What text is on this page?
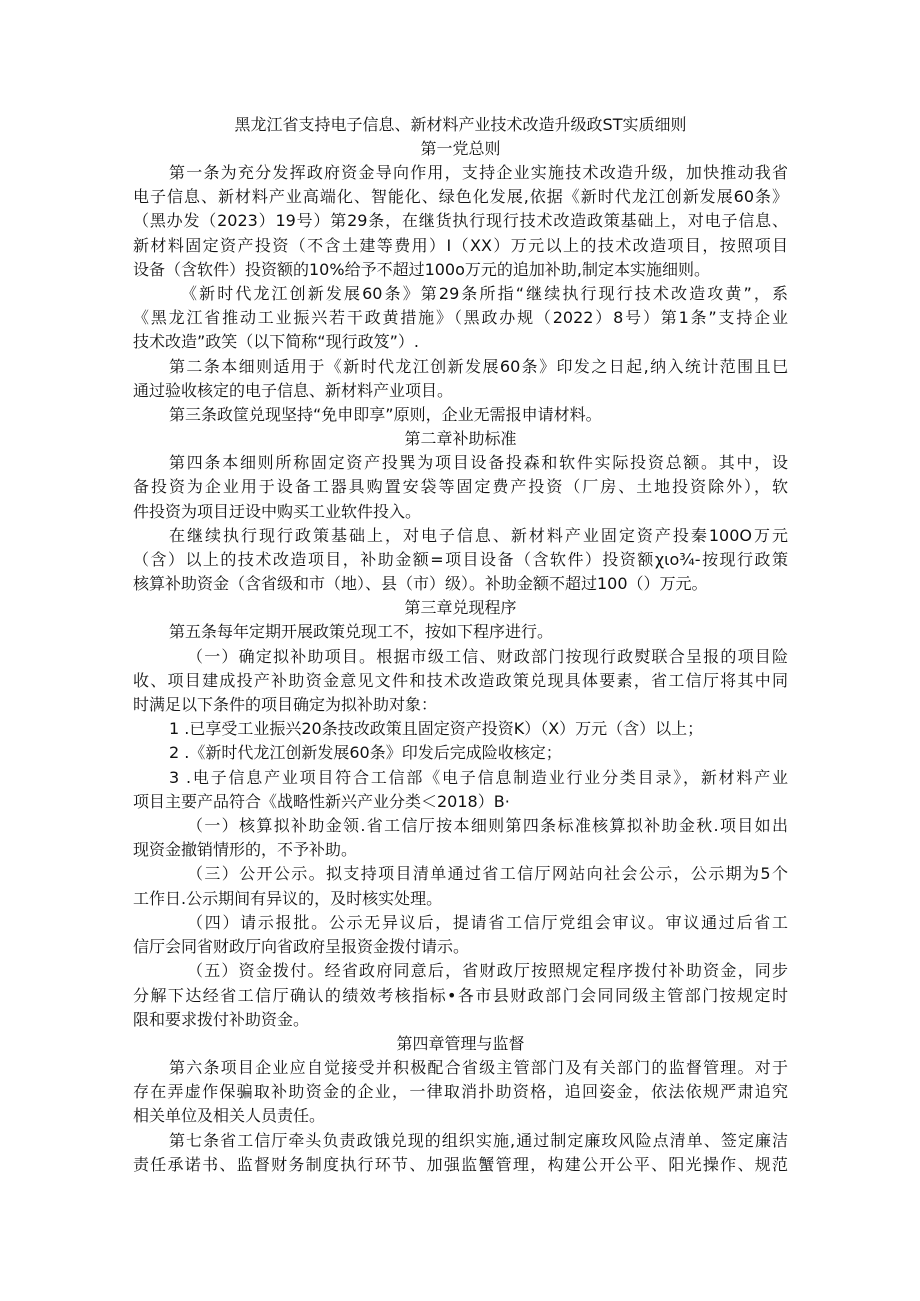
黑龙江省支持电子信息、新材料产业技术改造升级政ST实质细则
第一党总则

第一条为充分发挥政府资金导向作用，支持企业实施技术改造升级，加快推动我省
电子信息、新材料产业高端化、智能化、绿色化发展,依据《新时代龙江创新发展60条》
（黑办发（2023）19号）第29条，在继货执行现行技术改造政策基础上，对电子信息、
新材料固定资产投资（不含土建等费用）I（XX）万元以上的技术改造项目，按照项目
设备（含软件）投资额的10%给予不超过100o万元的追加补助,制定本实施细则。

《新时代龙江创新发展60条》第29条所指“继续执行现行技术改造攻黄”，系
《黑龙江省推动工业振兴若干政黄措施》（黑政办规（2022）8号）第1条”支持企业
技术改造”政笑（以下简称“现行政笈”）.

第二条本细则适用于《新时代龙江创新发展60条》印发之日起,纳入统计范围且巳
通过验收核定的电子信息、新材料产业项目。

第三条政筐兑现坚持“免申即享”原则，企业无需报申请材料。

第二章补助标准

第四条本细则所称固定资产投巽为项目设备投森和软件实际投资总额。其中，设
备投资为企业用于设备工器具购置安袋等固定费产投资（厂房、土地投资除外），软
件投资为项目迂设中购买工业软件投入。

在继续执行现行政策基础上，对电子信息、新材料产业固定资产投秦100O万元
（含）以上的技术改造项目，补助金额=项目设备（含软件）投资额χιo¾-按现行政策
核算补助资金（含省级和市（地）、县（市）级）。补助金额不超过100（）万元。

第三章兑现程序

第五条每年定期开展政策兑现工不，按如下程序进行。

（一）确定拟补助项目。根据市级工信、财政部门按现行政熨联合呈报的项目险
收、项目建成投产补助资金意见文件和技术改造政策兑现具体要素，省工信厅将其中同
时满足以下条件的项目确定为拟补助对象：

1 .已享受工业振兴20条技改政策且固定资产投资K）（X）万元（含）以上；

2 .《新时代龙江创新发展60条》印发后完成险收核定；

3 .电子信息产业项目符合工信部《电子信息制造业行业分类目录》，新材料产业
项目主要产品符合《战略性新兴产业分类＜2018）B·

（一）核算拟补助金领.省工信厅按本细则第四条标准核算拟补助金秋.项目如出
现资金撤销情形的，不予补助。

（三）公开公示。拟支持项目清单通过省工信厅网站向社会公示，公示期为5个
工作日.公示期间有异议的，及时核实处理。

（四）请示报批。公示无异议后，提请省工信厅党组会审议。审议通过后省工
信厅会同省财政厅向省政府呈报资金拨付请示。

（五）资金拨付。经省政府同意后，省财政厅按照规定程序拨付补助资金，同步
分解下达经省工信厅确认的绩效考核指标•各市县财政部门会同同级主管部门按规定时
限和要求拨付补助资金。

第四章管理与监督

第六条项目企业应自觉接受并积极配合省级主管部门及有关部门的监督管理。对于
存在弄虚作保骗取补助资金的企业，一律取消扑助资格，追回姿金，依法依规严肃追究
相关单位及相关人员责任。

第七条省工信厅牵头负责政饿兑现的组织实施,通过制定廉玫风险点清单、签定廉洁
责任承诺书、监督财务制度执行环节、加强监蟹管理，构建公开公平、阳光操作、规范
